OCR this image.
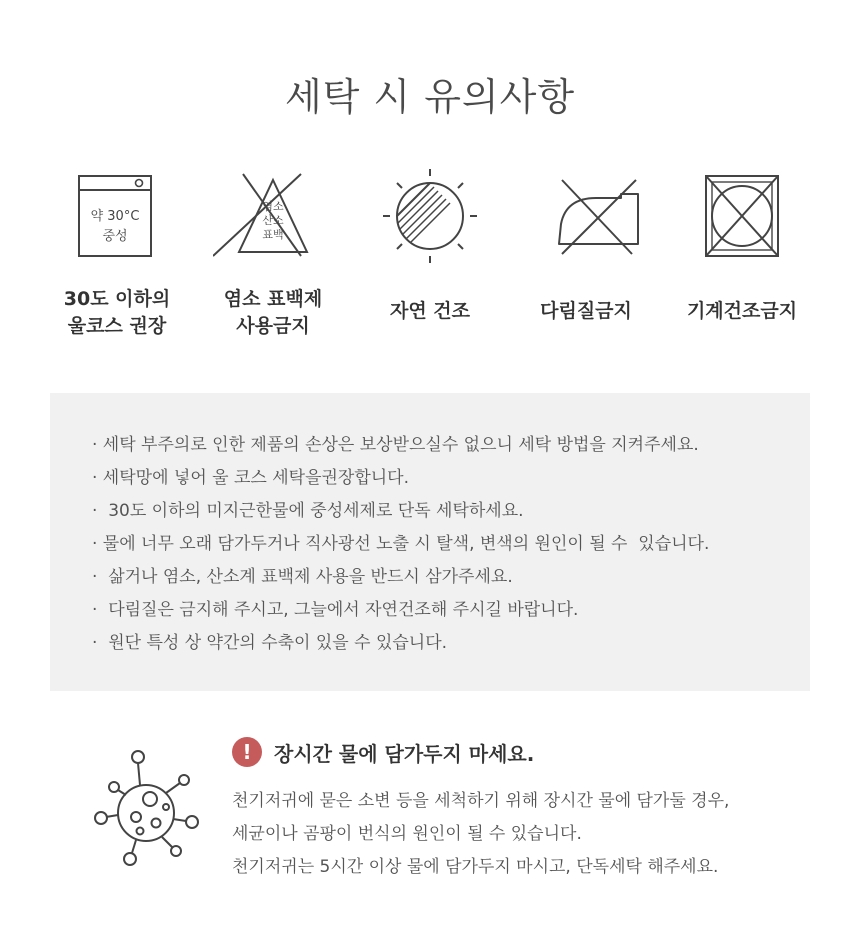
세탁 시 유의사항
약 30°C
중성
30도 이하의
울코스 권장
염소
산소
표백
염소 표백제
사용금지
자연 건조	다림질금지	기계건조금지
· 세탁 부주의로 인한 제품의 손상은 보상받으실수 없으니 세탁 방법을 지켜주세요.
· 세탁망에 넣어 울 코스 세탁을권장합니다.
·  30도 이하의 미지근한물에 중성세제로 단독 세탁하세요.
· 물에 너무 오래 담가두거나 직사광선 노출 시 탈색, 변색의 원인이 될 수  있습니다.
·  삶거나 염소, 산소계 표백제 사용을 반드시 삼가주세요.
·  다림질은 금지해 주시고, 그늘에서 자연건조해 주시길 바랍니다.
·  원단 특성 상 약간의 수축이 있을 수 있습니다.
!	장시간 물에 담가두지 마세요.

천기저귀에 묻은 소변 등을 세척하기 위해 장시간 물에 담가둘 경우,

세균이나 곰팡이 번식의 원인이 될 수 있습니다.

천기저귀는 5시간 이상 물에 담가두지 마시고, 단독세탁 해주세요.
